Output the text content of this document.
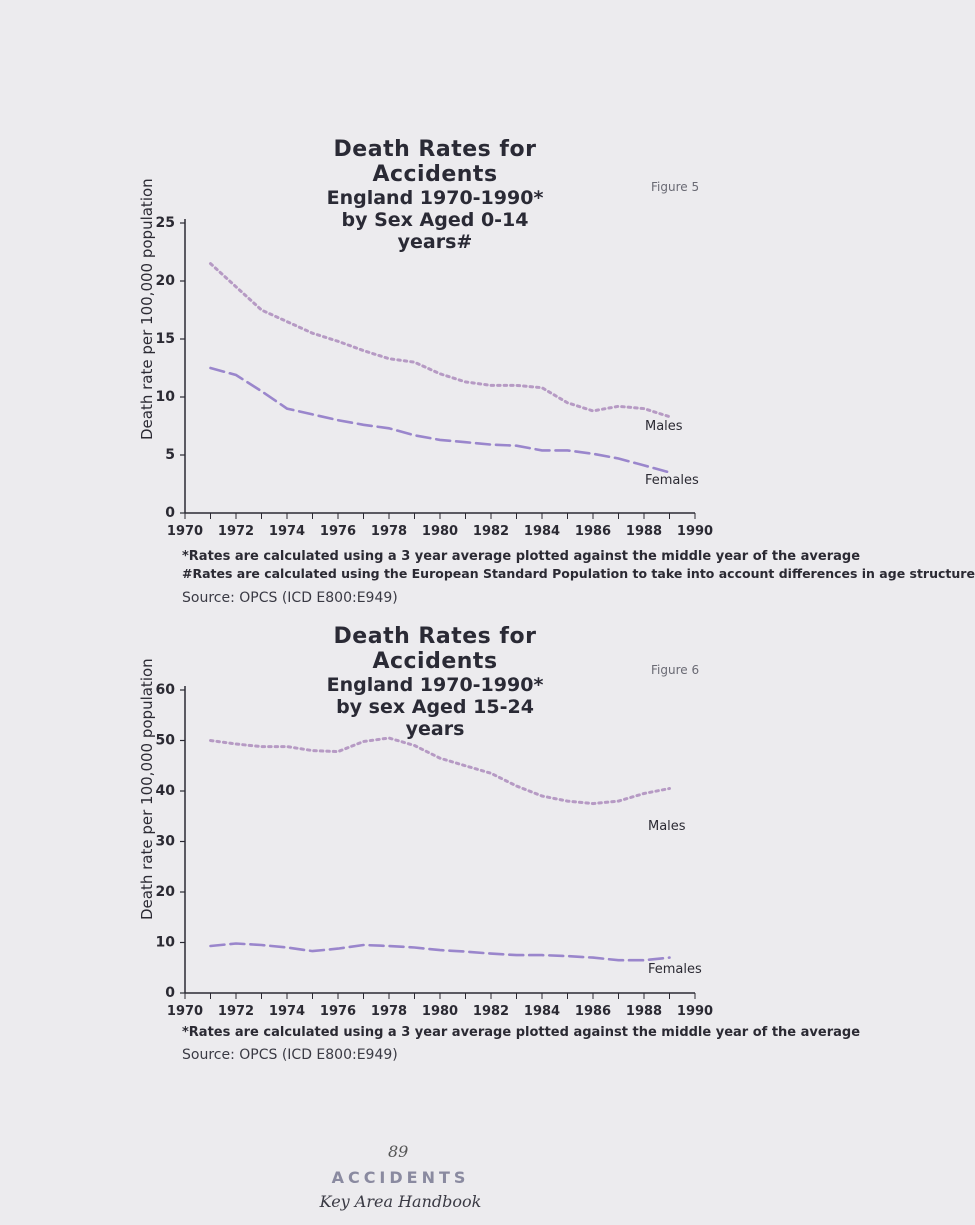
Death Rates for Accidents
England 1970-1990*
by Sex Aged 0-14 years#
Figure 5
Death rate per 100,000 population
0
5
10
15
20
25
1970 1972 1974 1976 1978 1980 1982 1984 1986 1988 1990
Males
Females
*Rates are calculated using a 3 year average plotted against the middle year of the average
#Rates are calculated using the European Standard Population to take into account differences in age structure
Source: OPCS (ICD E800:E949)
Death Rates for Accidents
England 1970-1990*
by sex Aged 15-24 years
Figure 6
Death rate per 100,000 population
0
10
20
30
40
50
60
1970 1972 1974 1976 1978 1980 1982 1984 1986 1988 1990
Males
Females
*Rates are calculated using a 3 year average plotted against the middle year of the average
Source: OPCS (ICD E800:E949)
89
ACCIDENTS
Key Area Handbook
